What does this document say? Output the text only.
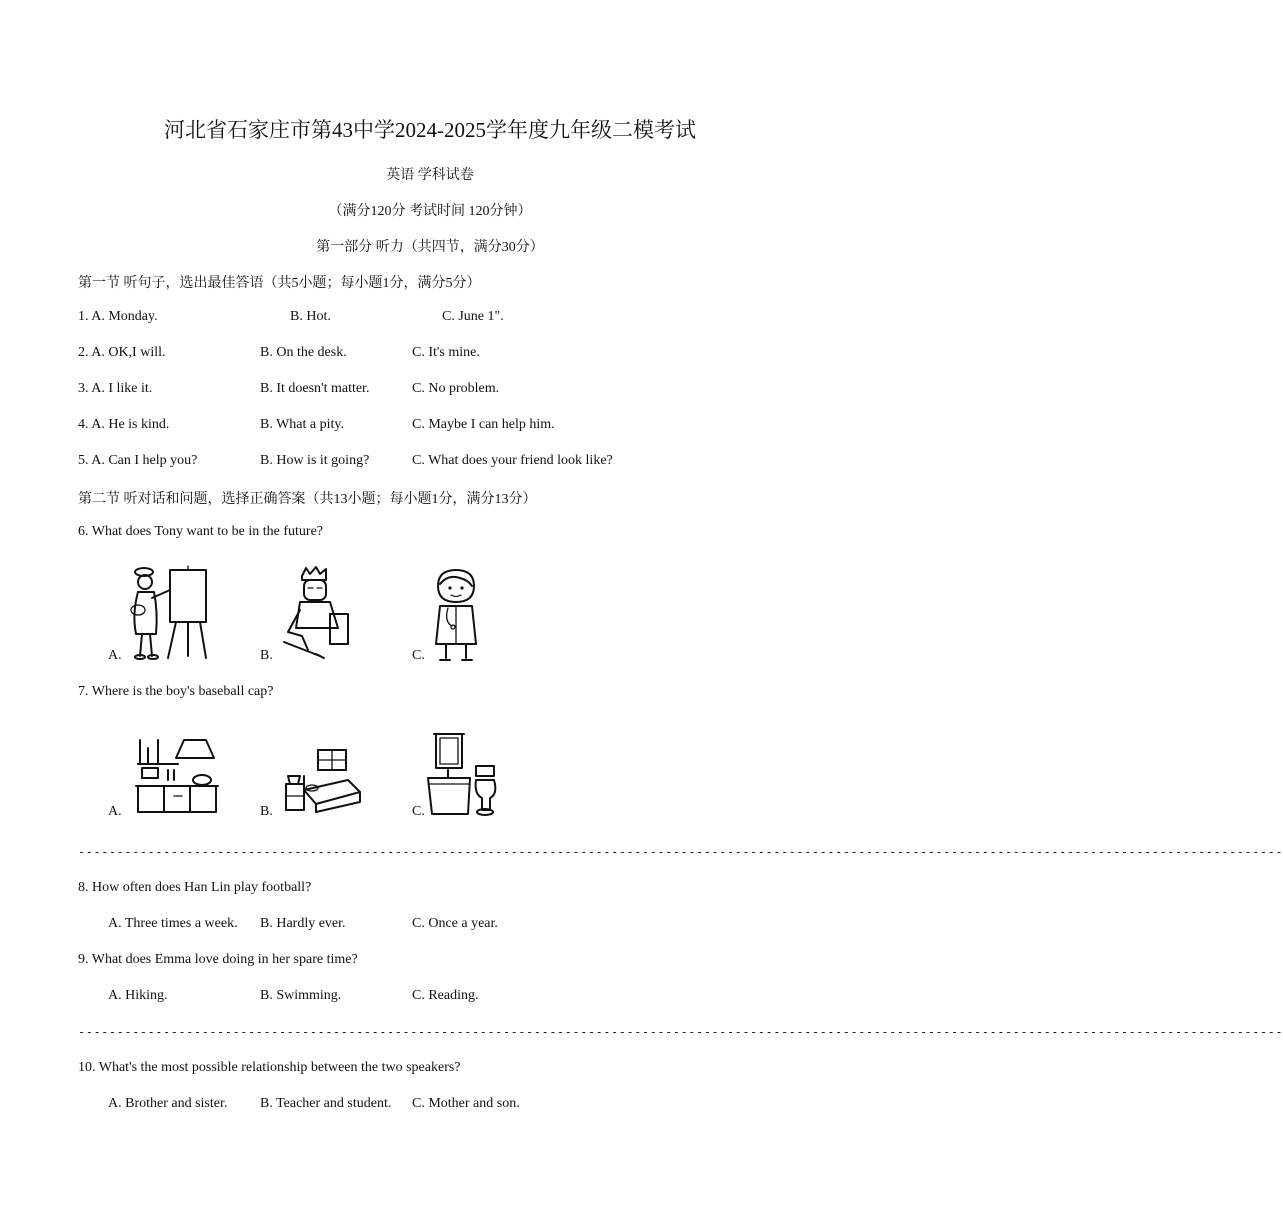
河北省石家庄市第43中学2024-2025学年度九年级二模考试
英语 学科试卷
（满分120分 考试时间 120分钟）
第一部分 听力（共四节，满分30分）
第一节 听句子，选出最佳答语（共5小题；每小题1分，满分5分）
1. A. Monday.	B. Hot.	C. June 1".
2. A. OK,I will.	B. On the desk.	C. It's mine.
3. A. I like it.	B. It doesn't matter.	C. No problem.
4. A. He is kind.	B. What a pity.	C. Maybe I can help him.
5. A. Can I help you?	B. How is it going?	C. What does your friend look like?
第二节 听对话和问题，选择正确答案（共13小题；每小题1分，满分13分）
6. What does Tony want to be in the future?
A.	B.	C.
7. Where is the boy's baseball cap?
A.	B.	C.
------------------------------------------------------------------------------------------------------------------------------------------------------------
8. How often does Han Lin play football?
A. Three times a week. B. Hardly ever.	C. Once a year.
9. What does Emma love doing in her spare time?
A. Hiking.	B. Swimming.	C. Reading.
------------------------------------------------------------------------------------------------------------------------------------------------------------
10. What's the most possible relationship between the two speakers?
A. Brother and sister. B. Teacher and student. C. Mother and son.
